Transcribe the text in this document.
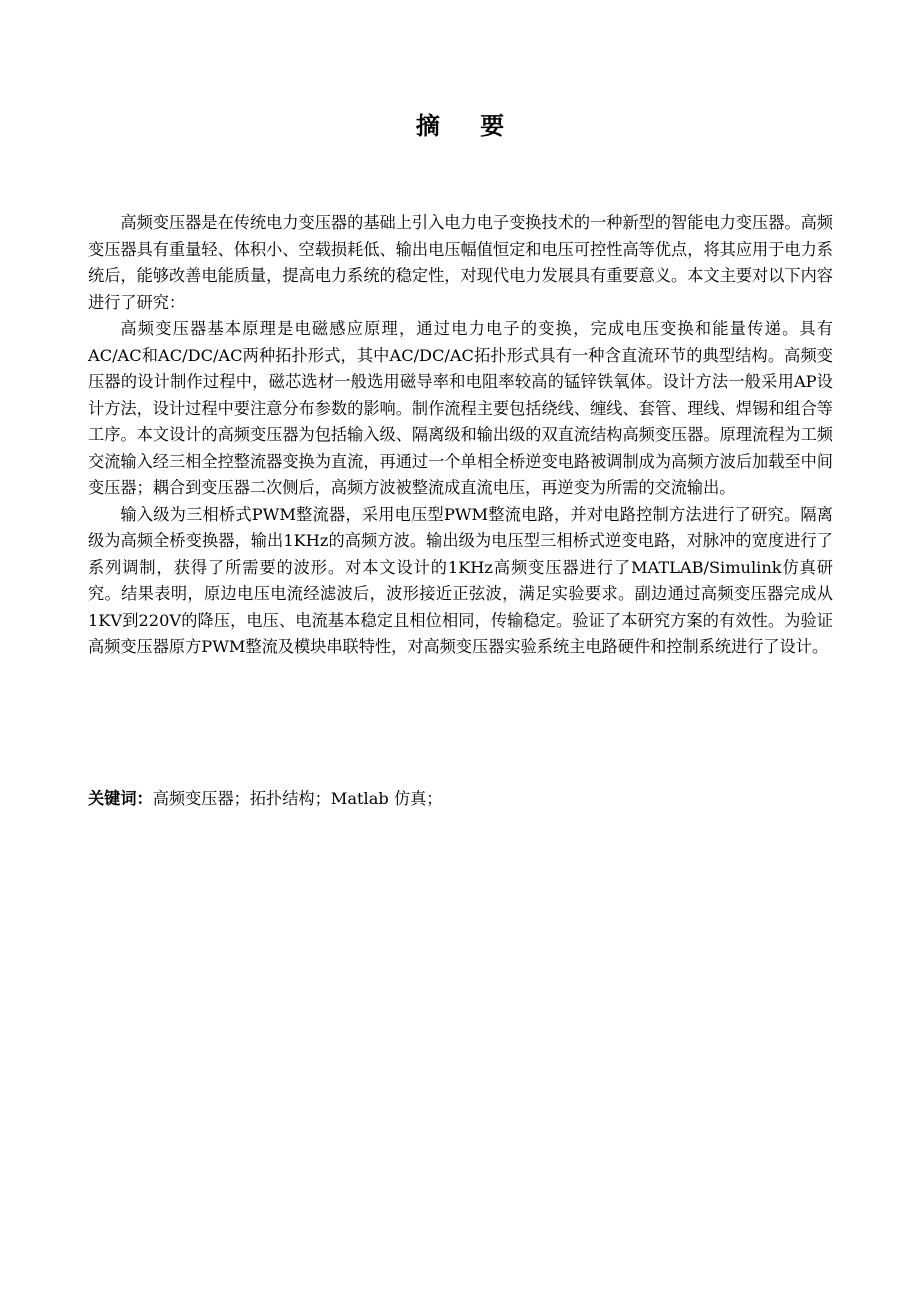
摘 要

高频变压器是在传统电力变压器的基础上引入电力电子变换技术的一种新型的智能电力变压器。高频变压器具有重量轻、体积小、空载损耗低、输出电压幅值恒定和电压可控性高等优点，将其应用于电力系统后，能够改善电能质量，提高电力系统的稳定性，对现代电力发展具有重要意义。本文主要对以下内容进行了研究：

高频变压器基本原理是电磁感应原理，通过电力电子的变换，完成电压变换和能量传递。具有AC/AC和AC/DC/AC两种拓扑形式，其中AC/DC/AC拓扑形式具有一种含直流环节的典型结构。高频变压器的设计制作过程中，磁芯选材一般选用磁导率和电阻率较高的锰锌铁氧体。设计方法一般采用AP设计方法，设计过程中要注意分布参数的影响。制作流程主要包括绕线、缠线、套管、理线、焊锡和组合等工序。本文设计的高频变压器为包括输入级、隔离级和输出级的双直流结构高频变压器。原理流程为工频交流输入经三相全控整流器变换为直流，再通过一个单相全桥逆变电路被调制成为高频方波后加载至中间变压器；耦合到变压器二次侧后，高频方波被整流成直流电压，再逆变为所需的交流输出。

输入级为三相桥式PWM整流器，采用电压型PWM整流电路，并对电路控制方法进行了研究。隔离级为高频全桥变换器，输出1KHz的高频方波。输出级为电压型三相桥式逆变电路，对脉冲的宽度进行了系列调制，获得了所需要的波形。对本文设计的1KHz高频变压器进行了MATLAB/Simulink仿真研究。结果表明，原边电压电流经滤波后，波形接近正弦波，满足实验要求。副边通过高频变压器完成从1KV到220V的降压，电压、电流基本稳定且相位相同，传输稳定。验证了本研究方案的有效性。为验证高频变压器原方PWM整流及模块串联特性，对高频变压器实验系统主电路硬件和控制系统进行了设计。

关键词：高频变压器；拓扑结构；Matlab 仿真；
